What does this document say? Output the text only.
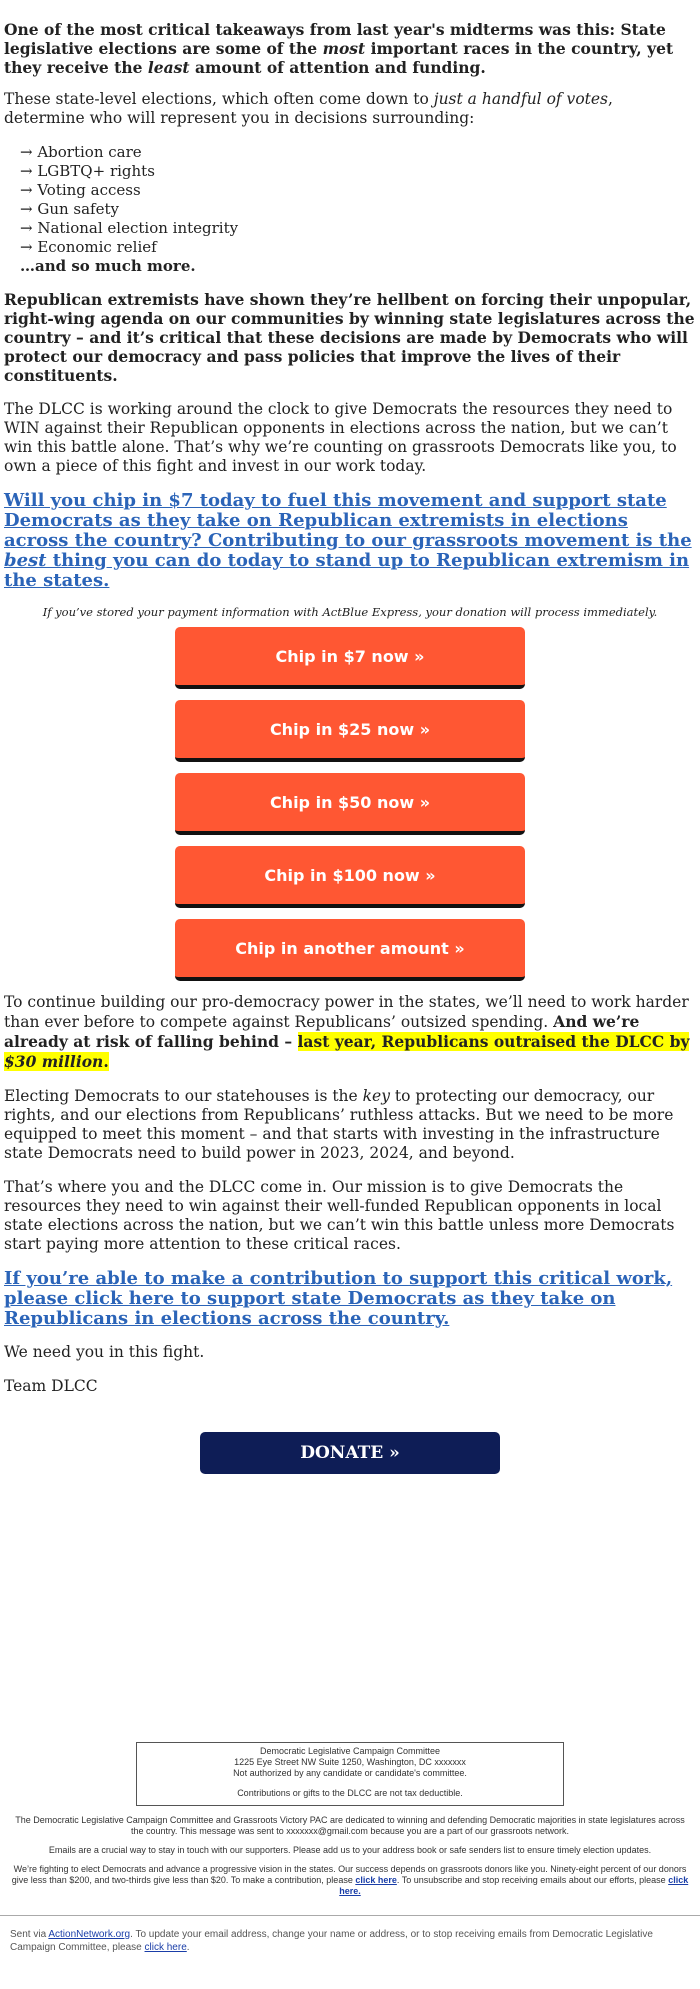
One of the most critical takeaways from last year's midterms was this: State legislative elections are some of the most important races in the country, yet they receive the least amount of attention and funding.

These state-level elections, which often come down to just a handful of votes, determine who will represent you in decisions surrounding:

→ Abortion care
→ LGBTQ+ rights
→ Voting access
→ Gun safety
→ National election integrity
→ Economic relief
…and so much more.

Republican extremists have shown they’re hellbent on forcing their unpopular, right-wing agenda on our communities by winning state legislatures across the country – and it’s critical that these decisions are made by Democrats who will protect our democracy and pass policies that improve the lives of their constituents.

The DLCC is working around the clock to give Democrats the resources they need to WIN against their Republican opponents in elections across the nation, but we can’t win this battle alone. That’s why we’re counting on grassroots Democrats like you, to own a piece of this fight and invest in our work today.

Will you chip in $7 today to fuel this movement and support state Democrats as they take on Republican extremists in elections across the country? Contributing to our grassroots movement is the best thing you can do today to stand up to Republican extremism in the states.
If you’ve stored your payment information with ActBlue Express, your donation will process immediately.
Chip in $7 now »
Chip in $25 now »
Chip in $50 now »
Chip in $100 now »
Chip in another amount »

To continue building our pro-democracy power in the states, we’ll need to work harder than ever before to compete against Republicans’ outsized spending. And we’re already at risk of falling behind – last year, Republicans outraised the DLCC by $30 million.

Electing Democrats to our statehouses is the key to protecting our democracy, our rights, and our elections from Republicans’ ruthless attacks. But we need to be more equipped to meet this moment – and that starts with investing in the infrastructure state Democrats need to build power in 2023, 2024, and beyond.

That’s where you and the DLCC come in. Our mission is to give Democrats the resources they need to win against their well-funded Republican opponents in local state elections across the nation, but we can’t win this battle unless more Democrats start paying more attention to these critical races.

If you’re able to make a contribution to support this critical work, please click here to support state Democrats as they take on Republicans in elections across the country.

We need you in this fight.

Team DLCC

DONATE »
Democratic Legislative Campaign Committee
1225 Eye Street NW Suite 1250, Washington, DC xxxxxxx
Not authorized by any candidate or candidate's committee.
Contributions or gifts to the DLCC are not tax deductible.
The Democratic Legislative Campaign Committee and Grassroots Victory PAC are dedicated to winning and defending Democratic majorities in state legislatures across the country. This message was sent to xxxxxxx@gmail.com because you are a part of our grassroots network.
Emails are a crucial way to stay in touch with our supporters. Please add us to your address book or safe senders list to ensure timely election updates.
We’re fighting to elect Democrats and advance a progressive vision in the states. Our success depends on grassroots donors like you. Ninety-eight percent of our donors give less than $200, and two-thirds give less than $20. To make a contribution, please click here. To unsubscribe and stop receiving emails about our efforts, please click here.
Sent via ActionNetwork.org. To update your email address, change your name or address, or to stop receiving emails from Democratic Legislative Campaign Committee, please click here.
